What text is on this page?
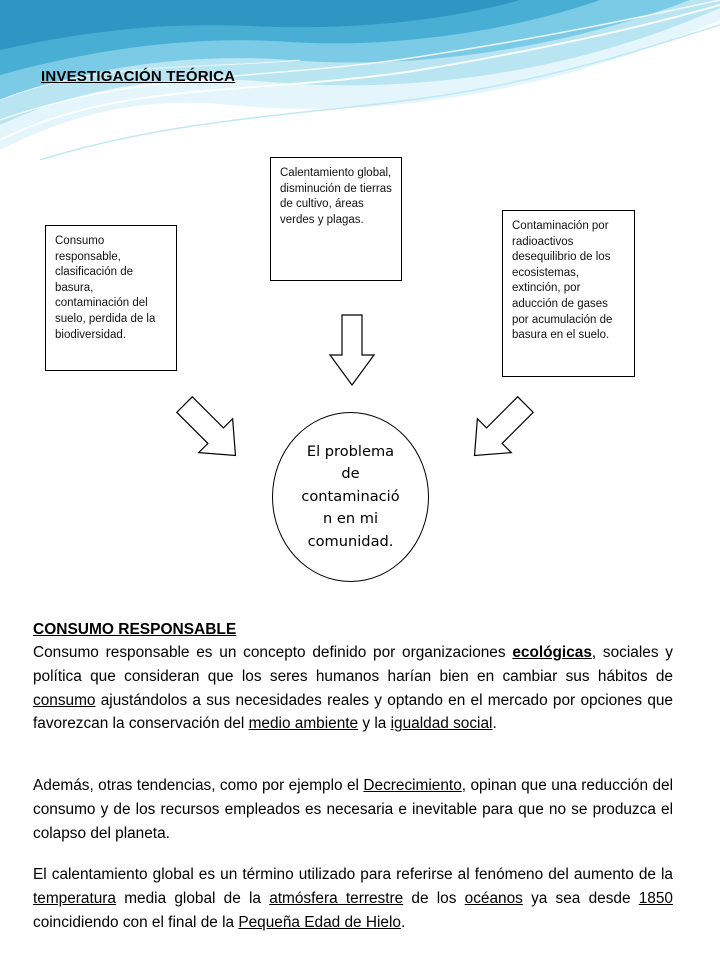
INVESTIGACIÓN TEÓRICA
Consumo responsable, clasificación de basura, contaminación del suelo, perdida de la biodiversidad.
Calentamiento global, disminución de tierras de cultivo, áreas verdes y plagas.
Contaminación por radioactivos desequilibrio de los ecosistemas, extinción, por aducción de gases por acumulación de basura en el suelo.
El problema
de
contaminació
n en mi
comunidad.
CONSUMO RESPONSABLE

Consumo responsable es un concepto definido por organizaciones ecológicas, sociales y política que consideran que los seres humanos harían bien en cambiar sus hábitos de consumo ajustándolos a sus necesidades reales y optando en el mercado por opciones que favorezcan la conservación del medio ambiente y la igualdad social.

Además, otras tendencias, como por ejemplo el Decrecimiento, opinan que una reducción del consumo y de los recursos empleados es necesaria e inevitable para que no se produzca el colapso del planeta.

El calentamiento global es un término utilizado para referirse al fenómeno del aumento de la temperatura media global de la atmósfera terrestre de los océanos ya sea desde 1850 coincidiendo con el final de la Pequeña Edad de Hielo.
